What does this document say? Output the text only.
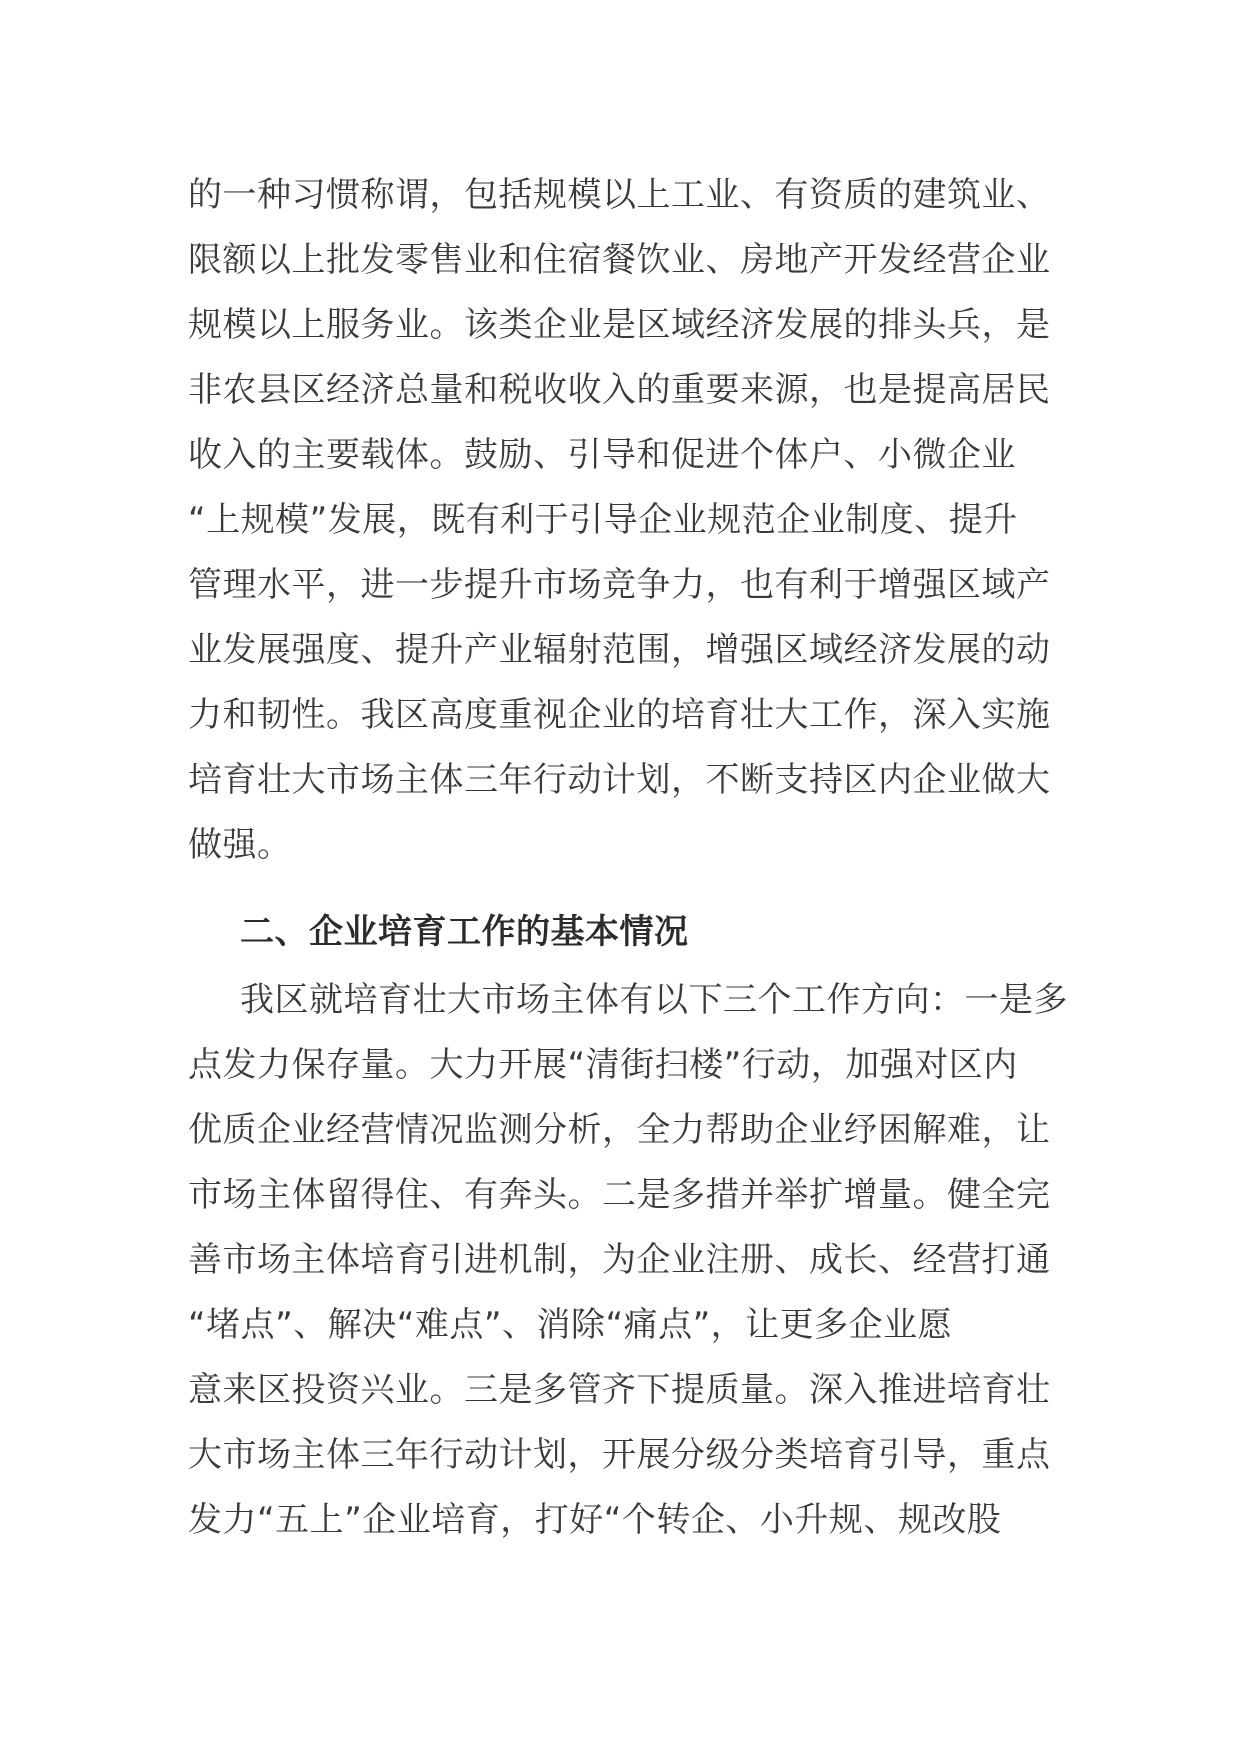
的一种习惯称谓，包括规模以上工业、有资质的建筑业、
限额以上批发零售业和住宿餐饮业、房地产开发经营企业
规模以上服务业。该类企业是区域经济发展的排头兵，是
非农县区经济总量和税收收入的重要来源，也是提高居民
收入的主要载体。鼓励、引导和促进个体户、小微企业
“上规模”发展，既有利于引导企业规范企业制度、提升
管理水平，进一步提升市场竞争力，也有利于增强区域产
业发展强度、提升产业辐射范围，增强区域经济发展的动
力和韧性。我区高度重视企业的培育壮大工作，深入实施
培育壮大市场主体三年行动计划，不断支持区内企业做大
做强。
二、企业培育工作的基本情况
我区就培育壮大市场主体有以下三个工作方向：一是多
点发力保存量。大力开展“清街扫楼”行动，加强对区内
优质企业经营情况监测分析，全力帮助企业纾困解难，让
市场主体留得住、有奔头。二是多措并举扩增量。健全完
善市场主体培育引进机制，为企业注册、成长、经营打通
“堵点”、解决“难点”、消除“痛点”，让更多企业愿
意来区投资兴业。三是多管齐下提质量。深入推进培育壮
大市场主体三年行动计划，开展分级分类培育引导，重点
发力“五上”企业培育，打好“个转企、小升规、规改股
